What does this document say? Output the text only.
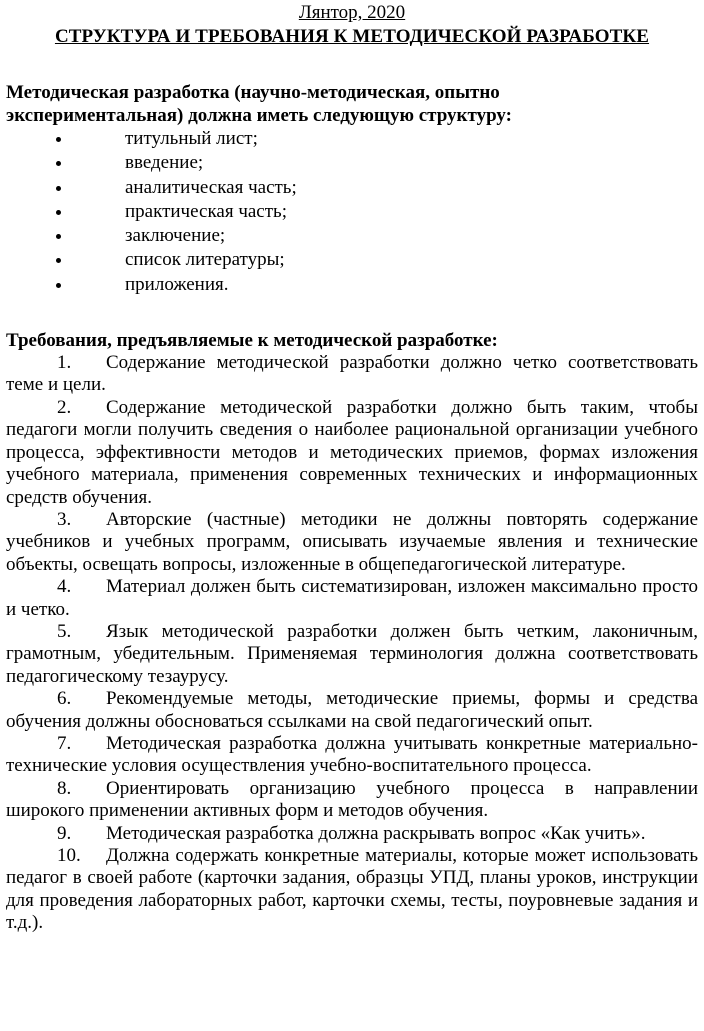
Лянтор, 2020
СТРУКТУРА И ТРЕБОВАНИЯ К МЕТОДИЧЕСКОЙ РАЗРАБОТКЕ
Методическая разработка (научно-методическая, опытно
экспериментальная) должна иметь следующую структуру:
титульный лист;
введение;
аналитическая часть;
практическая часть;
заключение;
список литературы;
приложения.
Требования, предъявляемые к методической разработке:
1. Содержание методической разработки должно четко соответствовать теме и цели.
2. Содержание методической разработки должно быть таким, чтобы педагоги могли получить сведения о наиболее рациональной организации учебного процесса, эффективности методов и методических приемов, формах изложения учебного материала, применения современных технических и информационных средств обучения.
3. Авторские (частные) методики не должны повторять содержание учебников и учебных программ, описывать изучаемые явления и технические объекты, освещать вопросы, изложенные в общепедагогической литературе.
4. Материал должен быть систематизирован, изложен максимально просто и четко.
5. Язык методической разработки должен быть четким, лаконичным, грамотным, убедительным. Применяемая терминология должна соответствовать педагогическому тезаурусу.
6. Рекомендуемые методы, методические приемы, формы и средства обучения должны обосноваться ссылками на свой педагогический опыт.
7. Методическая разработка должна учитывать конкретные материально-технические условия осуществления учебно-воспитательного процесса.
8. Ориентировать организацию учебного процесса в направлении широкого применении активных форм и методов обучения.
9. Методическая разработка должна раскрывать вопрос «Как учить».
10. Должна содержать конкретные материалы, которые может использовать педагог в своей работе (карточки задания, образцы УПД, планы уроков, инструкции для проведения лабораторных работ, карточки схемы, тесты, поуровневые задания и т.д.).
